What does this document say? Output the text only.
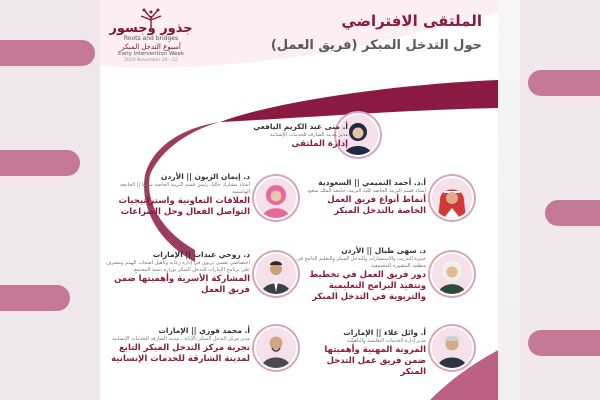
جذور وجسور
Roots and bridges
أسبوع التدخل المبكر
Early Intervention Week
2020 November 26 - 22
الملتقى الافتراضي
حول التدخل المبكر (فريق العمل)
أ. منى عبد الكريم اليافعي
مدير مدينة الشارقة للخدمات الإنسانية
إدارة الملتقى
د. إيمان الزيون || الأردن
أستاذ مشارك حاليا، رئيس قسم التربية الخاصة سابقا || الجامعة الهاشمية
العلاقات التعاونية واستراتيجيات التواصل الفعال وحل الصراعات
أ.د. أحمد التميمي || السعودية
أستاذ قسم التربية الخاصة كلية التربية، جامعة الملك سعود
أنماط أنواع فريق العمل الخاصة بالتدخل المبكر
د. روحي عبدات || الإمارات
اختصاصي نفسي تربوي في إدارة رعاية وتأهيل أصحاب الهمم ومشرف على برنامج الإمارات للتدخل المبكر بوزارة تنمية المجتمع
المشاركة الأسرية وأهميتها ضمن فريق العمل
د. سهى طبال || الأردن
خبيرة التدريب والاستشارات والتدخل المبكر والتعليم الدامج في منظمة المشورة المجتمعية
دور فريق العمل في تخطيط وتنفيذ البرامج التعليمية والتربوية في التدخل المبكر
أ. محمد فوزي || الإمارات
مدير مركز التدخل المبكر بالإنابة ، مدينة الشارقة للخدمات الإنسانية
تجربة مركز التدخل المبكر التابع لمدينة الشارقة للخدمات الإنسانية
أ. وائل علاء || الإمارات
مدير إدارة الخدمات التعليمية والتأهيلية
المرونة المهنية وأهميتها ضمن فريق عمل التدخل المبكر
